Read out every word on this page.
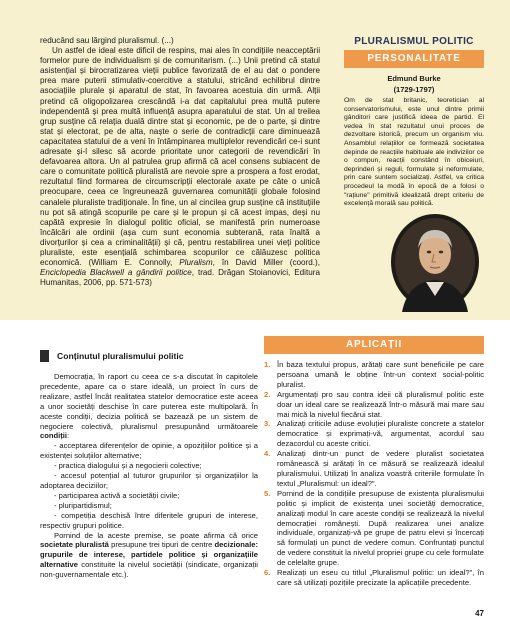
reducând sau lărgind pluralismul. (...)

Un astfel de ideal este dificil de respins, mai ales în condițiile neacceptării formelor pure de individualism și de comunitarism. (...) Unii pretind că statul asistențial și birocratizarea vieții publice favorizată de el au dat o pondere prea mare puterii stimulativ-coercitive a statului, stricând echilibrul dintre asociațiile plurale și aparatul de stat, în favoarea acestuia din urmă. Alții pretind că oligopolizarea crescândă i-a dat capitalului prea multă putere independentă și prea multă influență asupra aparatului de stat. Un al treilea grup susține că relația duală dintre stat și economic, pe de o parte, și dintre stat și electorat, pe de alta, naște o serie de contradicții care diminuează capacitatea statului de a veni în întâmpinarea multiplelor revendicări ce-i sunt adresate și-l silesc să acorde prioritate unor categorii de revendicări în defavoarea altora. Un al patrulea grup afirmă că acel consens subiacent de care o comunitate politică pluralistă are nevoie spre a prospera a fost erodat, rezultatul fiind formarea de circumscripții electorale axate pe câte o unică preocupare, ceea ce îngreunează guvernarea comunității globale folosind canalele pluraliste tradiționale. În fine, un al cincilea grup susține că instituțiile nu pot să atingă scopurile pe care și le propun și că acest impas, deși nu capătă expresie în dialogul politic oficial, se manifestă prin numeroase încălcări ale ordinii (așa cum sunt economia subterană, rata înaltă a divorțurilor și cea a criminalității) și că, pentru restabilirea unei vieți politice pluraliste, este esențială schimbarea scopurilor ce călăuzesc politica economică. (William E. Connolly, Pluralism, în David Miller (coord.), Enciclopedia Blackwell a gândirii politice, trad. Drăgan Stoianovici, Editura Humanitas, 2006, pp. 571-573)

PLURALISMUL POLITIC
PERSONALITATE
Edmund Burke
(1729-1797)
Om de stat britanic, teoretician al conservatorismului, este unul dintre primii gânditori care justifică ideea de partid. El vedea în stat rezultatul unui proces de dezvoltare istorică, precum un organism viu. Ansamblul relațiilor ce formează societatea depinde de reacțiile habituale ale indivizilor ce o compun, reacții constând în obiceiuri, deprinderi și reguli, formulate și neformulate, prin care suntem socializați. Astfel, va critica procedeul la modă în epocă de a folosi o "rațiune" primitivă idealizată drept criteriu de excelență morală sau politică.
Conținutul pluralismului politic

Democrația, în raport cu ceea ce s-a discutat în capitolele precedente, apare ca o stare ideală, un proiect în curs de realizare, astfel încât realitatea statelor democratice este aceea a unor societăți deschise în care puterea este multipolară. În aceste condiții, decizia politică se bazează pe un sistem de negociere colectivă, pluralismul presupunând următoarele condiții:

- acceptarea diferențelor de opinie, a opozițiilor politice și a existenței soluțiilor alternative;

- practica dialogului și a negocierii colective;

- accesul potențial al tuturor grupurilor și organizațiilor la adoptarea deciziilor;

- participarea activă a societății civile;

- pluripartidismul;

- competiția deschisă între diferitele grupuri de interese, respectiv grupuri politice.

Pornind de la aceste premise, se poate afirma că orice societate pluralistă presupune trei tipuri de centre decizionale: grupurile de interese, partidele politice și organizațiile alternative constituite la nivelul societății (sindicate, organizații non-guvernamentale etc.).

APLICAȚII
1. În baza textului propus, arătați care sunt beneficiile pe care persoana umană le obține într-un context social-politic pluralist.
2. Argumentați pro sau contra ideii că pluralismul politic este doar un ideal care se realizează într-o măsură mai mare sau mai mică la nivelul fiecărui stat.
3. Analizați criticile aduse evoluției pluraliste concrete a statelor democratice și exprimați-vă, argumentat, acordul sau dezacordul cu aceste critici.
4. Analizați dintr-un punct de vedere pluralist societatea românească și arătați în ce măsură se realizează idealul pluralismului. Utilizați în analiza voastră criteriile formulate în textul „Pluralismul: un ideal?”.
5. Pornind de la condițiile presupuse de existența pluralismului politic și implicit de existența unei societăți democratice, analizați modul în care aceste condiții se realizează la nivelul democrației românești. După realizarea unei analize individuale, organizați-vă pe grupe de patru elevi și încercați să formulați un punct de vedere comun. Confruntați punctul de vedere constituit la nivelul propriei grupe cu cele formulate de celelalte grupe.
6. Realizați un eseu cu titlul „Pluralismul politic: un ideal?”, în care să utilizați pozițiile precizate la aplicațiile precedente.
47
